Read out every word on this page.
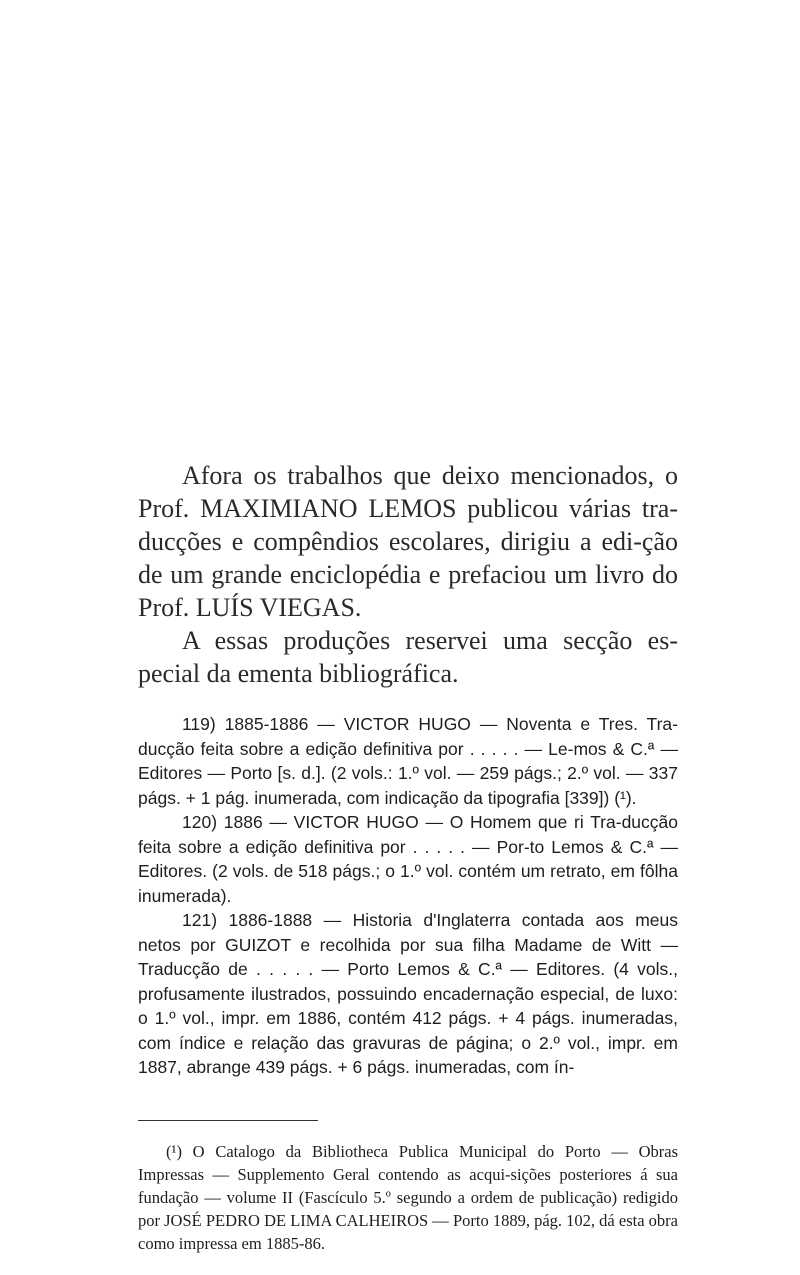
Afora os trabalhos que deixo mencionados, o Prof. MAXIMIANO LEMOS publicou várias tra-ducções e compêndios escolares, dirigiu a edi-ção de um grande enciclopédia e prefaciou um livro do Prof. LUÍS VIEGAS.

A essas produções reservei uma secção es-pecial da ementa bibliográfica.

119) 1885-1886 — VICTOR HUGO — Noventa e Tres. Tra-ducção feita sobre a edição definitiva por . . . . . — Le-mos & C.ª — Editores — Porto [s. d.]. (2 vols.: 1.º vol. — 259 págs.; 2.º vol. — 337 págs. + 1 pág. inumerada, com indicação da tipografia [339]) (¹).

120) 1886 — VICTOR HUGO — O Homem que ri Tra-ducção feita sobre a edição definitiva por . . . . . — Por-to Lemos & C.ª — Editores. (2 vols. de 518 págs.; o 1.º vol. contém um retrato, em fôlha inumerada).

121) 1886-1888 — Historia d'Inglaterra contada aos meus netos por GUIZOT e recolhida por sua filha Madame de Witt — Traducção de . . . . . — Porto Lemos & C.ª — Editores. (4 vols., profusamente ilustrados, possuindo encadernação especial, de luxo: o 1.º vol., impr. em 1886, contém 412 págs. + 4 págs. inumeradas, com índice e relação das gravuras de página; o 2.º vol., impr. em 1887, abrange 439 págs. + 6 págs. inumeradas, com ín-

(¹) O Catalogo da Bibliotheca Publica Municipal do Porto — Obras Impressas — Supplemento Geral contendo as acqui-sições posteriores á sua fundação — volume II (Fascículo 5.º segundo a ordem de publicação) redigido por JOSÉ PEDRO DE LIMA CALHEIROS — Porto 1889, pág. 102, dá esta obra como impressa em 1885-86.
